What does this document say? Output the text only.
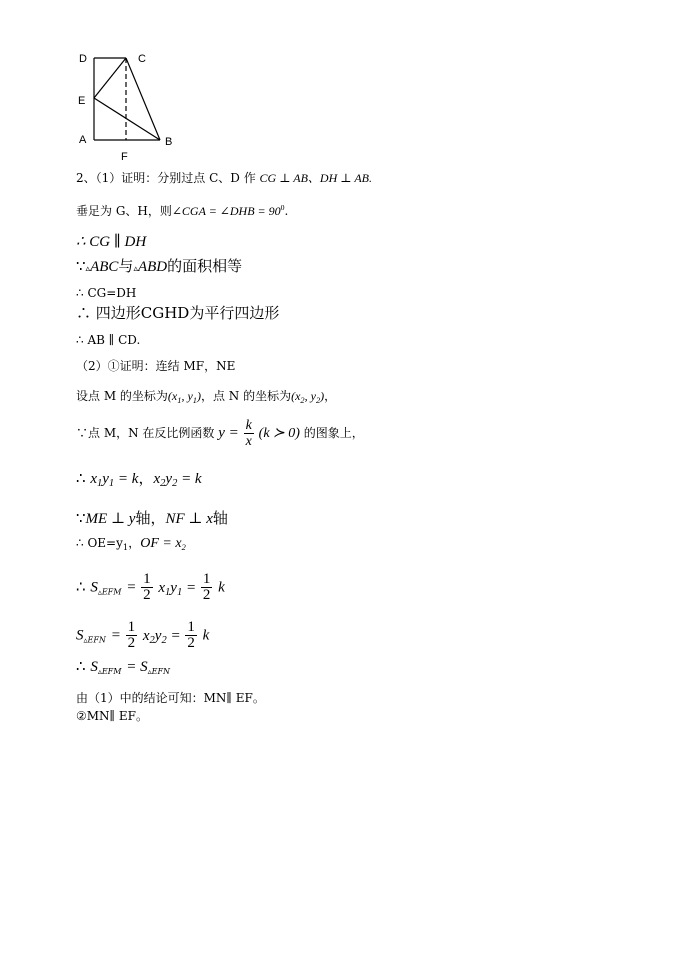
D	C
E
A	B
F
2、（1）证明：分别过点 C、D 作 CG ⊥ AB、DH ⊥ AB.
垂足为 G、H，则∠CGA = ∠DHB = $90^0$.
∴ CG ∥ DH
∵▵ABC与▵ABD的面积相等
∴ CG=DH
∴ 四边形CGHD为平行四边形
∴ AB ∥ CD.
（2）①证明：连结 MF，NE
设点 M 的坐标为($x_1$, $y_1$)，点 N 的坐标为($x_2$, $y_2$)，
∵点 M，N 在反比例函数 $y = \frac{k}{x} (k$ ≻ 0) 的图象上，
∴ $x_1y_1 = k$，$x_2y_2 = k$
∵ME ⊥ y轴，NF ⊥ x轴
∴ $OE=y_1$，OF = $x_2$
∴ $S_{▵EFM} = \frac{1}{2} x_1y_1 = \frac{1}{2}$ k
$S_{▵EFN} = \frac{1}{2} x_2y_2 = \frac{1}{2}$ k
∴ $S_{▵EFM} = S_{▵EFN}$
由（1）中的结论可知：MN∥ EF。
②MN∥ EF。
